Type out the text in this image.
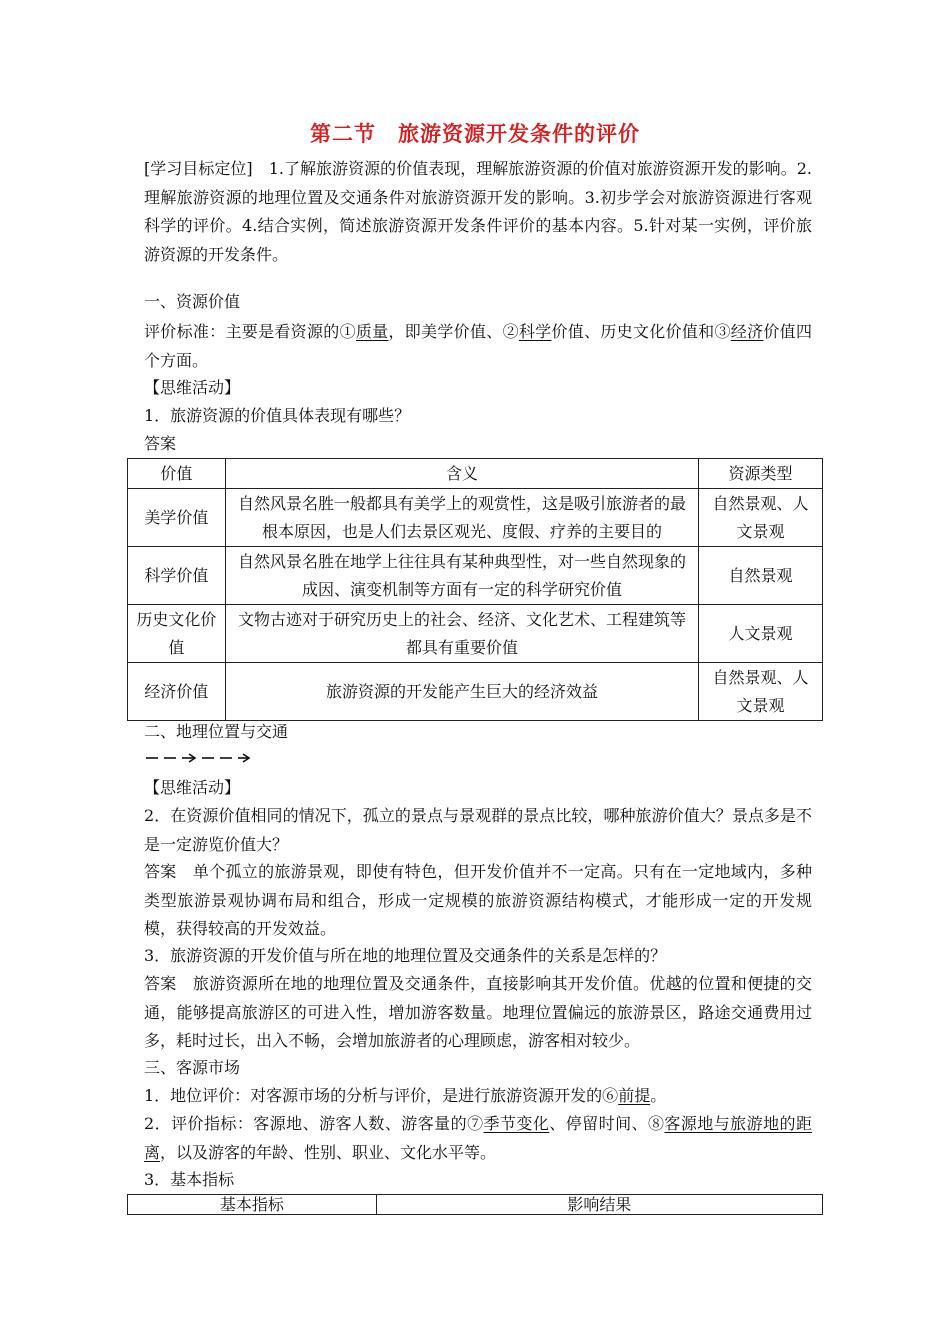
第二节　旅游资源开发条件的评价
[学习目标定位]　1.了解旅游资源的价值表现，理解旅游资源的价值对旅游资源开发的影响。2.理解旅游资源的地理位置及交通条件对旅游资源开发的影响。3.初步学会对旅游资源进行客观科学的评价。4.结合实例，简述旅游资源开发条件评价的基本内容。5.针对某一实例，评价旅游资源的开发条件。
一、资源价值
评价标准：主要是看资源的①质量，即美学价值、②科学价值、历史文化价值和③经济价值四个方面。
【思维活动】
1．旅游资源的价值具体表现有哪些？
答案
价值	含义	资源类型
美学价值	自然风景名胜一般都具有美学上的观赏性，这是吸引旅游者的最根本原因，也是人们去景区观光、度假、疗养的主要目的	自然景观、人文景观
科学价值	自然风景名胜在地学上往往具有某种典型性，对一些自然现象的成因、演变机制等方面有一定的科学研究价值	自然景观
历史文化价值	文物古迹对于研究历史上的社会、经济、文化艺术、工程建筑等都具有重要价值	人文景观
经济价值	旅游资源的开发能产生巨大的经济效益	自然景观、人文景观
二、地理位置与交通
【思维活动】
2．在资源价值相同的情况下，孤立的景点与景观群的景点比较，哪种旅游价值大？景点多是不是一定游览价值大？
答案　单个孤立的旅游景观，即使有特色，但开发价值并不一定高。只有在一定地域内，多种类型旅游景观协调布局和组合，形成一定规模的旅游资源结构模式，才能形成一定的开发规模，获得较高的开发效益。
3．旅游资源的开发价值与所在地的地理位置及交通条件的关系是怎样的？
答案　旅游资源所在地的地理位置及交通条件，直接影响其开发价值。优越的位置和便捷的交通，能够提高旅游区的可进入性，增加游客数量。地理位置偏远的旅游景区，路途交通费用过多，耗时过长，出入不畅，会增加旅游者的心理顾虑，游客相对较少。
三、客源市场
1．地位评价：对客源市场的分析与评价，是进行旅游资源开发的⑥前提。
2．评价指标：客源地、游客人数、游客量的⑦季节变化、停留时间、⑧客源地与旅游地的距离，以及游客的年龄、性别、职业、文化水平等。
3．基本指标
基本指标	影响结果
